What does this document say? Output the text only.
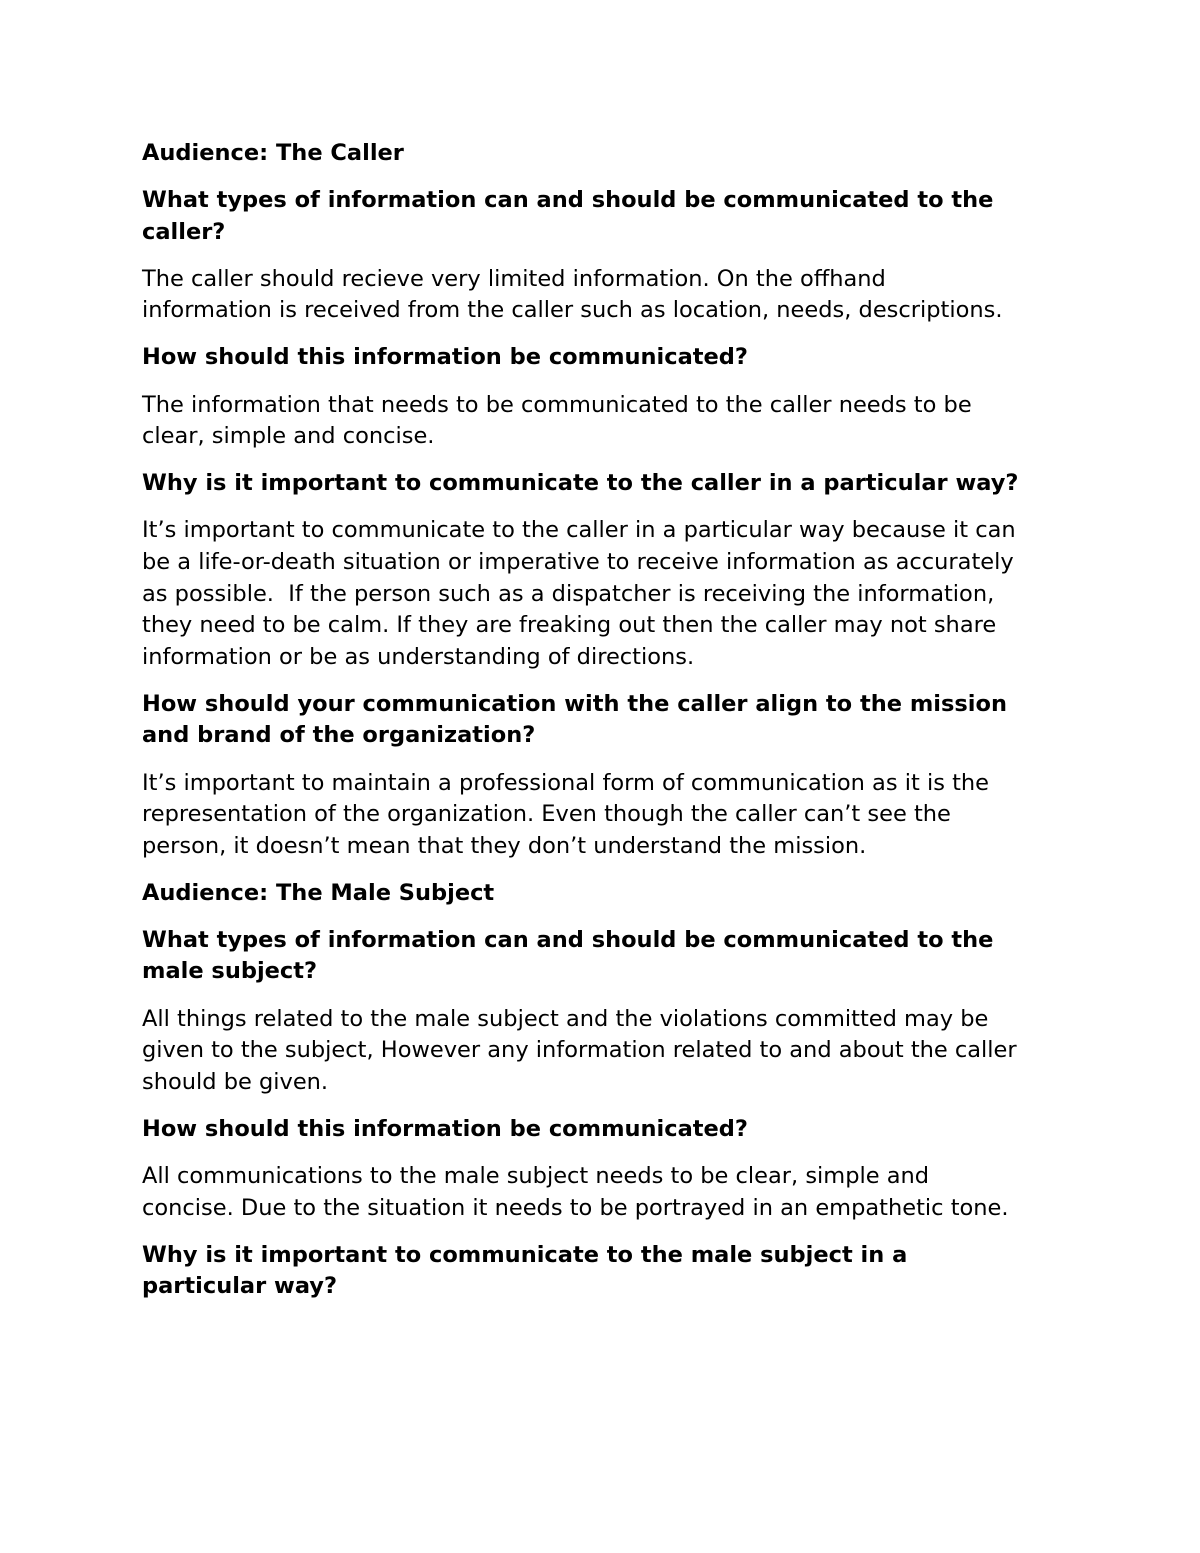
Audience: The Caller

What types of information can and should be communicated to the

caller?

The caller should recieve very limited information. On the offhand

information is received from the caller such as location, needs, descriptions.

How should this information be communicated?

The information that needs to be communicated to the caller needs to be

clear, simple and concise.

Why is it important to communicate to the caller in a particular way?

It’s important to communicate to the caller in a particular way because it can

be a life-or-death situation or imperative to receive information as accurately

as possible.  If the person such as a dispatcher is receiving the information,

they need to be calm. If they are freaking out then the caller may not share

information or be as understanding of directions.

How should your communication with the caller align to the mission

and brand of the organization?

It’s important to maintain a professional form of communication as it is the

representation of the organization. Even though the caller can’t see the

person, it doesn’t mean that they don’t understand the mission.

Audience: The Male Subject

What types of information can and should be communicated to the

male subject?

All things related to the male subject and the violations committed may be

given to the subject, However any information related to and about the caller

should be given.

How should this information be communicated?

All communications to the male subject needs to be clear, simple and

concise. Due to the situation it needs to be portrayed in an empathetic tone.

Why is it important to communicate to the male subject in a

particular way?
